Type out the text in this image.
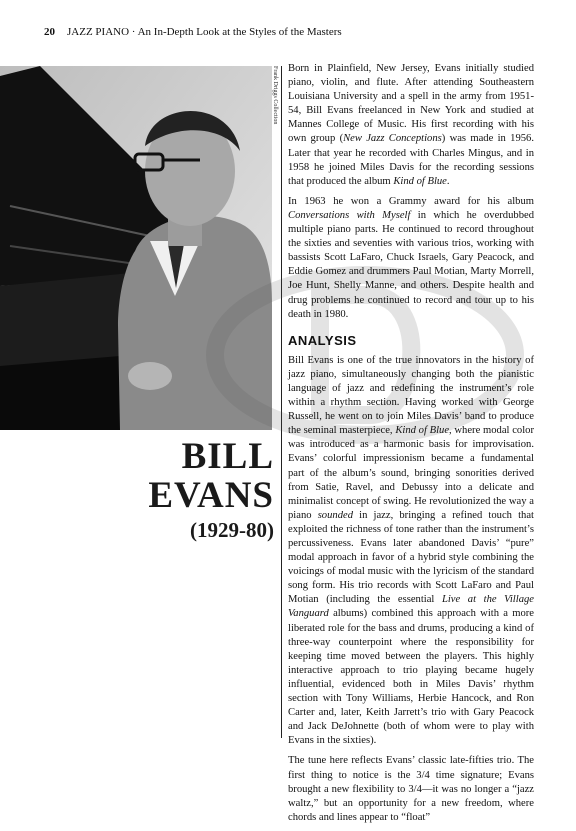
20 JAZZ PIANO · An In-Depth Look at the Styles of the Masters
Frank Driggs Collection
BILL
EVANS
(1929-80)

Born in Plainfield, New Jersey, Evans initially studied piano, violin, and flute. After attending Southeastern Louisiana University and a spell in the army from 1951-54, Bill Evans freelanced in New York and studied at Mannes College of Music. His first recording with his own group (New Jazz Conceptions) was made in 1956. Later that year he recorded with Charles Mingus, and in 1958 he joined Miles Davis for the recording sessions that produced the album Kind of Blue.

In 1963 he won a Grammy award for his album Conversations with Myself in which he overdubbed multiple piano parts. He continued to record throughout the sixties and seventies with various trios, working with bassists Scott LaFaro, Chuck Israels, Gary Peacock, and Eddie Gomez and drummers Paul Motian, Marty Morrell, Joe Hunt, Shelly Manne, and others. Despite health and drug problems he continued to record and tour up to his death in 1980.

ANALYSIS

Bill Evans is one of the true innovators in the history of jazz piano, simultaneously changing both the pianistic language of jazz and redefining the instrument’s role within a rhythm section. Having worked with George Russell, he went on to join Miles Davis’ band to produce the seminal masterpiece, Kind of Blue, where modal color was introduced as a harmonic basis for improvisation. Evans’ colorful impressionism became a fundamental part of the album’s sound, bringing sonorities derived from Satie, Ravel, and Debussy into a delicate and minimalist concept of swing. He revolutionized the way a piano sounded in jazz, bringing a refined touch that exploited the richness of tone rather than the instrument’s percussiveness. Evans later abandoned Davis’ “pure” modal approach in favor of a hybrid style combining the voicings of modal music with the lyricism of the standard song form. His trio records with Scott LaFaro and Paul Motian (including the essential Live at the Village Vanguard albums) combined this approach with a more liberated role for the bass and drums, producing a kind of three-way counterpoint where the responsibility for keeping time moved between the players. This highly interactive approach to trio playing became hugely influential, evidenced both in Miles Davis’ rhythm section with Tony Williams, Herbie Hancock, and Ron Carter and, later, Keith Jarrett’s trio with Gary Peacock and Jack DeJohnette (both of whom were to play with Evans in the sixties).

The tune here reflects Evans’ classic late-fifties trio. The first thing to notice is the 3/4 time signature; Evans brought a new flexibility to 3/4—it was no longer a “jazz waltz,” but an opportunity for a new freedom, where chords and lines appear to “float”
